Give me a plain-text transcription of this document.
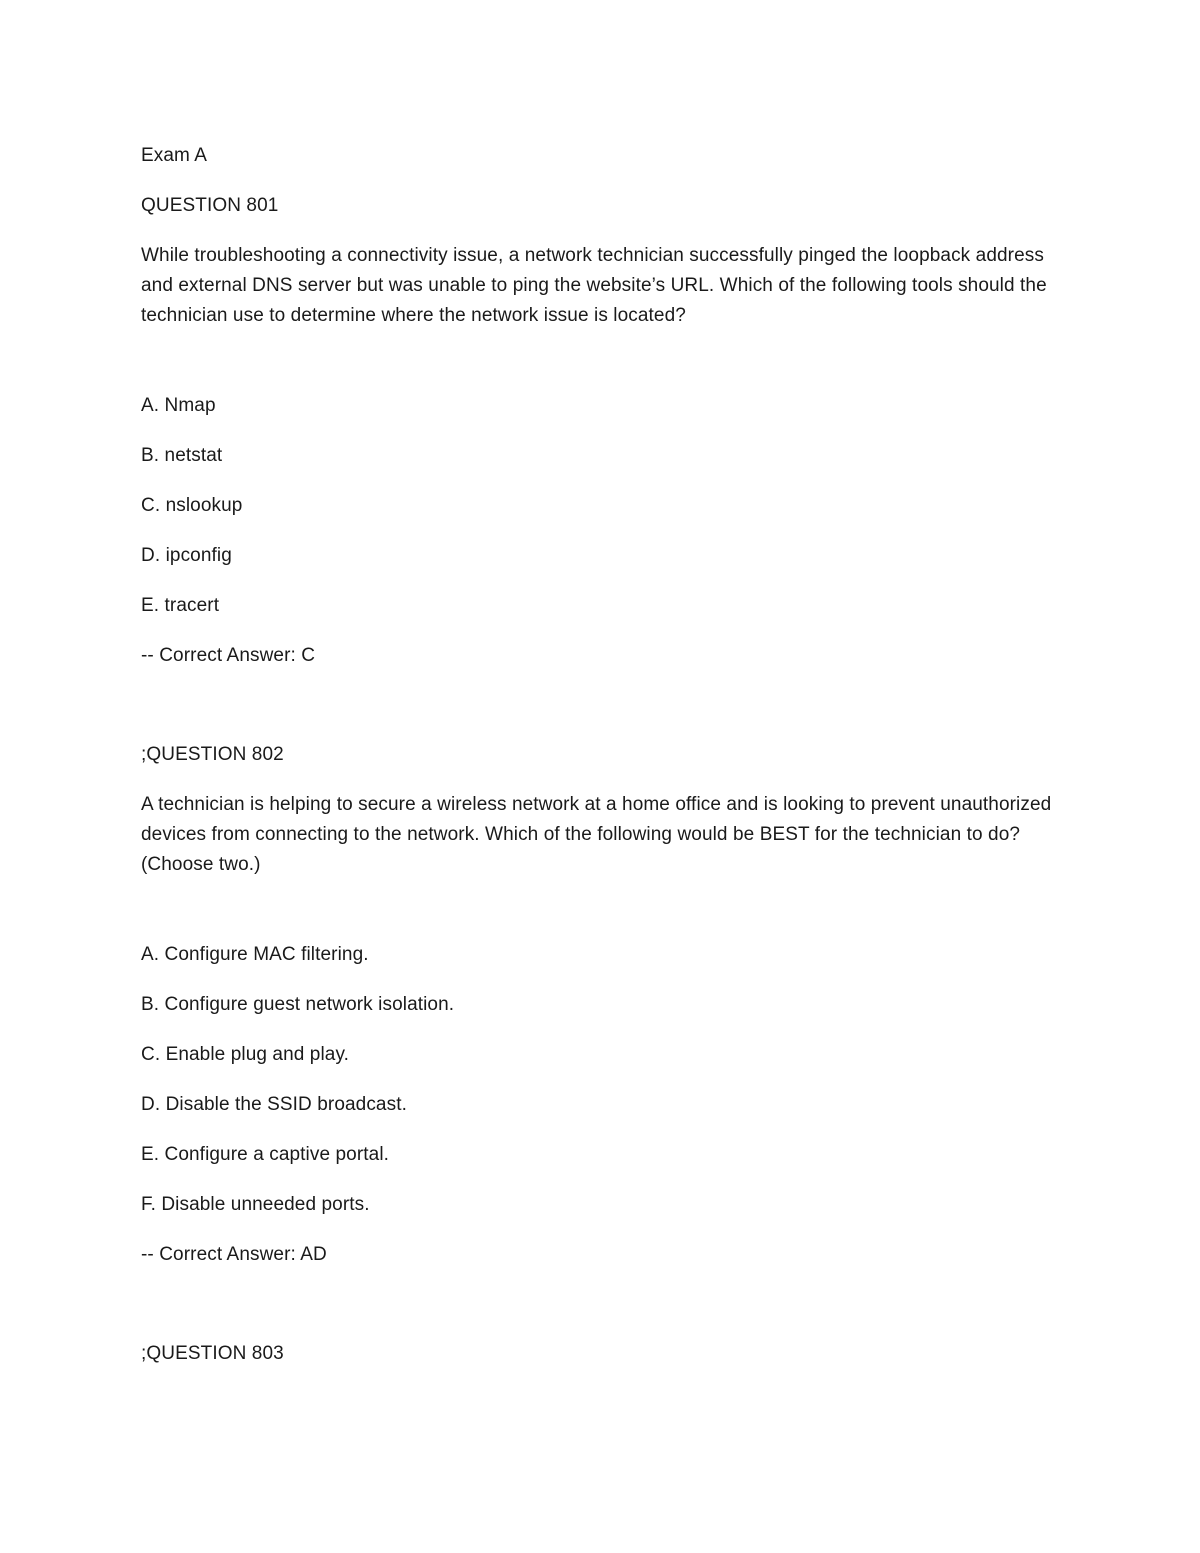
Exam A
QUESTION 801
While troubleshooting a connectivity issue, a network technician successfully pinged the loopback address and external DNS server but was unable to ping the website’s URL. Which of the following tools should the technician use to determine where the network issue is located?
A. Nmap
B. netstat
C. nslookup
D. ipconfig
E. tracert
-- Correct Answer: C
;QUESTION 802
A technician is helping to secure a wireless network at a home office and is looking to prevent unauthorized devices from connecting to the network. Which of the following would be BEST for the technician to do? (Choose two.)
A. Configure MAC filtering.
B. Configure guest network isolation.
C. Enable plug and play.
D. Disable the SSID broadcast.
E. Configure a captive portal.
F. Disable unneeded ports.
-- Correct Answer: AD
;QUESTION 803
